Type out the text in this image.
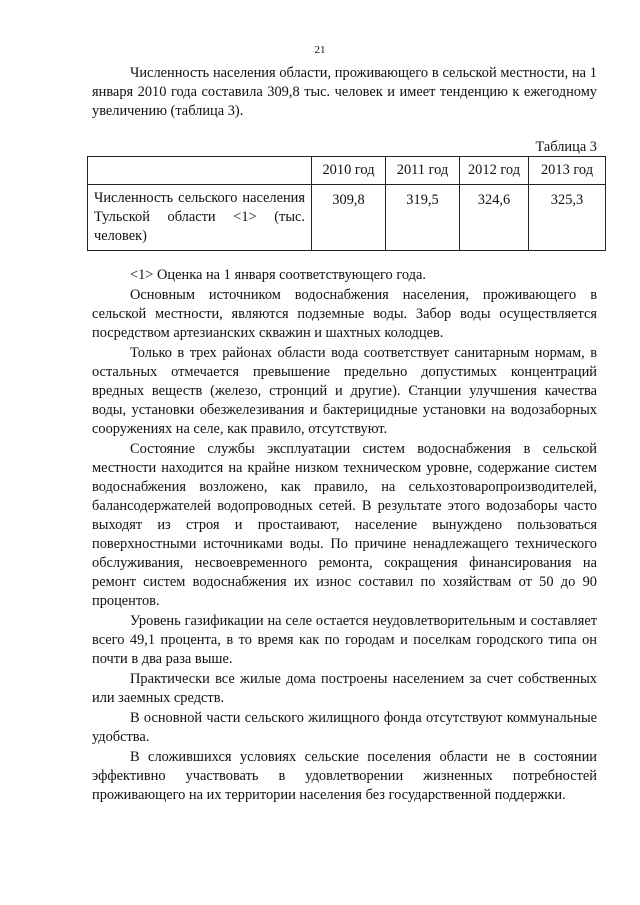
21

Численность населения области, проживающего в сельской местности, на 1 января 2010 года составила 309,8 тыс. человек и имеет тенденцию к ежегодному увеличению (таблица 3).

Таблица 3
	2010 год	2011 год	2012 год	2013 год
Численность сельского населения Тульской области <1> (тыс. человек)	309,8	319,5	324,6	325,3
<1> Оценка на 1 января соответствующего года.

Основным источником водоснабжения населения, проживающего в сельской местности, являются подземные воды. Забор воды осуществляется посредством артезианских скважин и шахтных колодцев.

Только в трех районах области вода соответствует санитарным нормам, в остальных отмечается превышение предельно допустимых концентраций вредных веществ (железо, стронций и другие). Станции улучшения качества воды, установки обезжелезивания и бактерицидные установки на водозаборных сооружениях на селе, как правило, отсутствуют.

Состояние службы эксплуатации систем водоснабжения в сельской местности находится на крайне низком техническом уровне, содержание систем водоснабжения возложено, как правило, на сельхозтоваропроизводителей, балансодержателей водопроводных сетей. В результате этого водозаборы часто выходят из строя и простаивают, население вынуждено пользоваться поверхностными источниками воды. По причине ненадлежащего технического обслуживания, несвоевременного ремонта, сокращения финансирования на ремонт систем водоснабжения их износ составил по хозяйствам от 50 до 90 процентов.

Уровень газификации на селе остается неудовлетворительным и составляет всего 49,1 процента, в то время как по городам и поселкам городского типа он почти в два раза выше.

Практически все жилые дома построены населением за счет собственных или заемных средств.

В основной части сельского жилищного фонда отсутствуют коммунальные удобства.

В сложившихся условиях сельские поселения области не в состоянии эффективно участвовать в удовлетворении жизненных потребностей проживающего на их территории населения без государственной поддержки.
